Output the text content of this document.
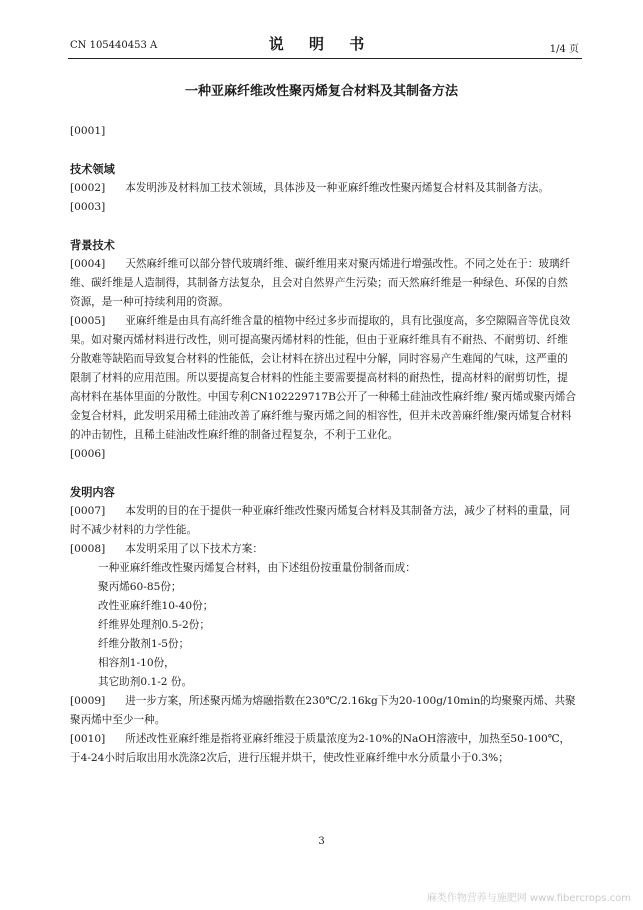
CN 105440453 A	说 明 书	1/4 页
一种亚麻纤维改性聚丙烯复合材料及其制备方法
[0001]
技术领域
[0002] 本发明涉及材料加工技术领域，具体涉及一种亚麻纤维改性聚丙烯复合材料及其制备方法。
[0003]
背景技术
[0004] 天然麻纤维可以部分替代玻璃纤维、碳纤维用来对聚丙烯进行增强改性。不同之处在于：玻璃纤维、碳纤维是人造制得，其制备方法复杂，且会对自然界产生污染；而天然麻纤维是一种绿色、环保的自然资源，是一种可持续利用的资源。
[0005] 亚麻纤维是由具有高纤维含量的植物中经过多步而提取的，具有比强度高，多空隙隔音等优良效果。如对聚丙烯材料进行改性，则可提高聚丙烯材料的性能，但由于亚麻纤维具有不耐热、不耐剪切、纤维分散难等缺陷而导致复合材料的性能低，会让材料在挤出过程中分解，同时容易产生难闻的气味，这严重的限制了材料的应用范围。所以要提高复合材料的性能主要需要提高材料的耐热性，提高材料的耐剪切性，提高材料在基体里面的分散性。中国专利CN102229717B公开了一种稀土硅油改性麻纤维/ 聚丙烯或聚丙烯合金复合材料，此发明采用稀土硅油改善了麻纤维与聚丙烯之间的相容性，但并未改善麻纤维/聚丙烯复合材料的冲击韧性，且稀土硅油改性麻纤维的制备过程复杂，不利于工业化。
[0006]
发明内容
[0007] 本发明的目的在于提供一种亚麻纤维改性聚丙烯复合材料及其制备方法，减少了材料的重量，同时不减少材料的力学性能。
[0008] 本发明采用了以下技术方案：
一种亚麻纤维改性聚丙烯复合材料，由下述组份按重量份制备而成：
聚丙烯60-85份；
改性亚麻纤维10-40份；
纤维界处理剂0.5-2份；
纤维分散剂1-5份；
相容剂1-10份，
其它助剂0.1-2 份。
[0009] 进一步方案，所述聚丙烯为熔融指数在230℃/2.16kg下为20-100g/10min的均聚聚丙烯、共聚聚丙烯中至少一种。
[0010] 所述改性亚麻纤维是指将亚麻纤维浸于质量浓度为2-10%的NaOH溶液中，加热至50-100℃，于4-24小时后取出用水洗涤2次后，进行压辊并烘干，使改性亚麻纤维中水分质量小于0.3%；
3
麻类作物营养与施肥网 www.fibercrops.com
